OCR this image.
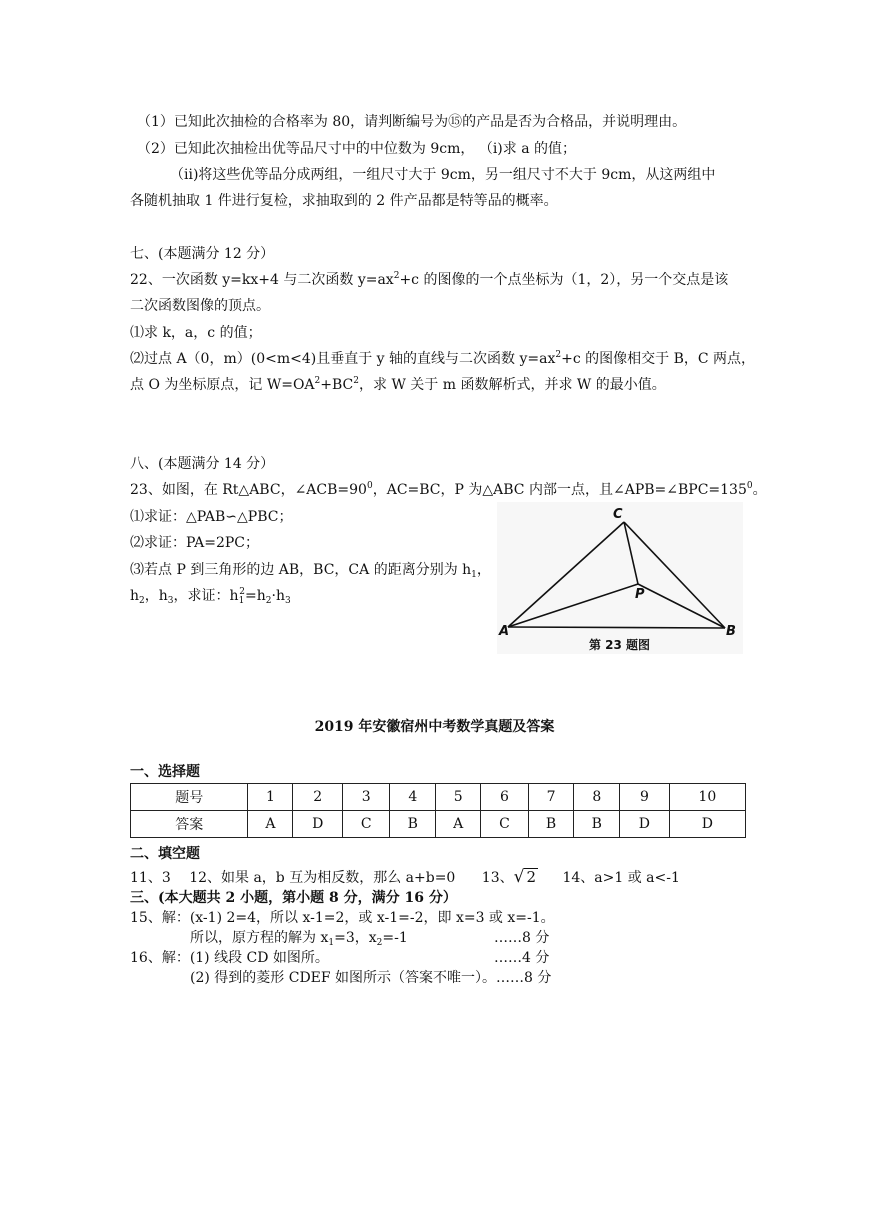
（1）已知此次抽检的合格率为 80，请判断编号为⑮的产品是否为合格品，并说明理由。
（2）已知此次抽检出优等品尺寸中的中位数为 9cm， （ⅰ)求 a 的值；
（ⅱ)将这些优等品分成两组，一组尺寸大于 9cm，另一组尺寸不大于 9cm，从这两组中
各随机抽取 1 件进行复检，求抽取到的 2 件产品都是特等品的概率。
七、(本题满分 12 分）
22、一次函数 y=kx+4 与二次函数 $y=ax^2+c$ 的图像的一个点坐标为（1，2），另一个交点是该
二次函数图像的顶点。
⑴求 k，a，c 的值；
⑵过点 A（0，m）(0<m<4)且垂直于 y 轴的直线与二次函数 $y=ax^2+c$ 的图像相交于 B，C 两点，
点 O 为坐标原点，记 $W=OA^2+BC^2$，求 W 关于 m 函数解析式，并求 W 的最小值。
八、(本题满分 14 分）
23、如图，在 Rt△ABC，$\angle ACB=90^0$，AC=BC，P 为△ABC 内部一点，且$\angle APB=\angle BPC=135^0$。
⑴求证：△PAB∽△PBC；
⑵求证：PA=2PC；
⑶若点 P 到三角形的边 AB，BC，CA 的距离分别为 $h_1$，
$h_2$，$h_3$，求证：$h_1^2=h_2\cdot h_3$
C
P
A	B
第 23 题图
2019 年安徽宿州中考数学真题及答案
一、选择题
题号	1	2	3	4	5	6	7	8	9	10
答案	A	D	C	B	A	C	B	B	D	D
二、填空题
11、3 12、如果 a，b 互为相反数，那么 a+b=0 13、√ 2 14、a>1 或 a<-1
三、(本大题共 2 小题，第小题 8 分，满分 16 分）
15、解：(x-1) 2=4，所以 x-1=2，或 x-1=-2，即 x=3 或 x=-1。
所以，原方程的解为 $x_1=3$，$x_2=-1$	……8 分
16、解：(1) 线段 CD 如图所。	……4 分
(2) 得到的菱形 CDEF 如图所示（答案不唯一）。……8 分
